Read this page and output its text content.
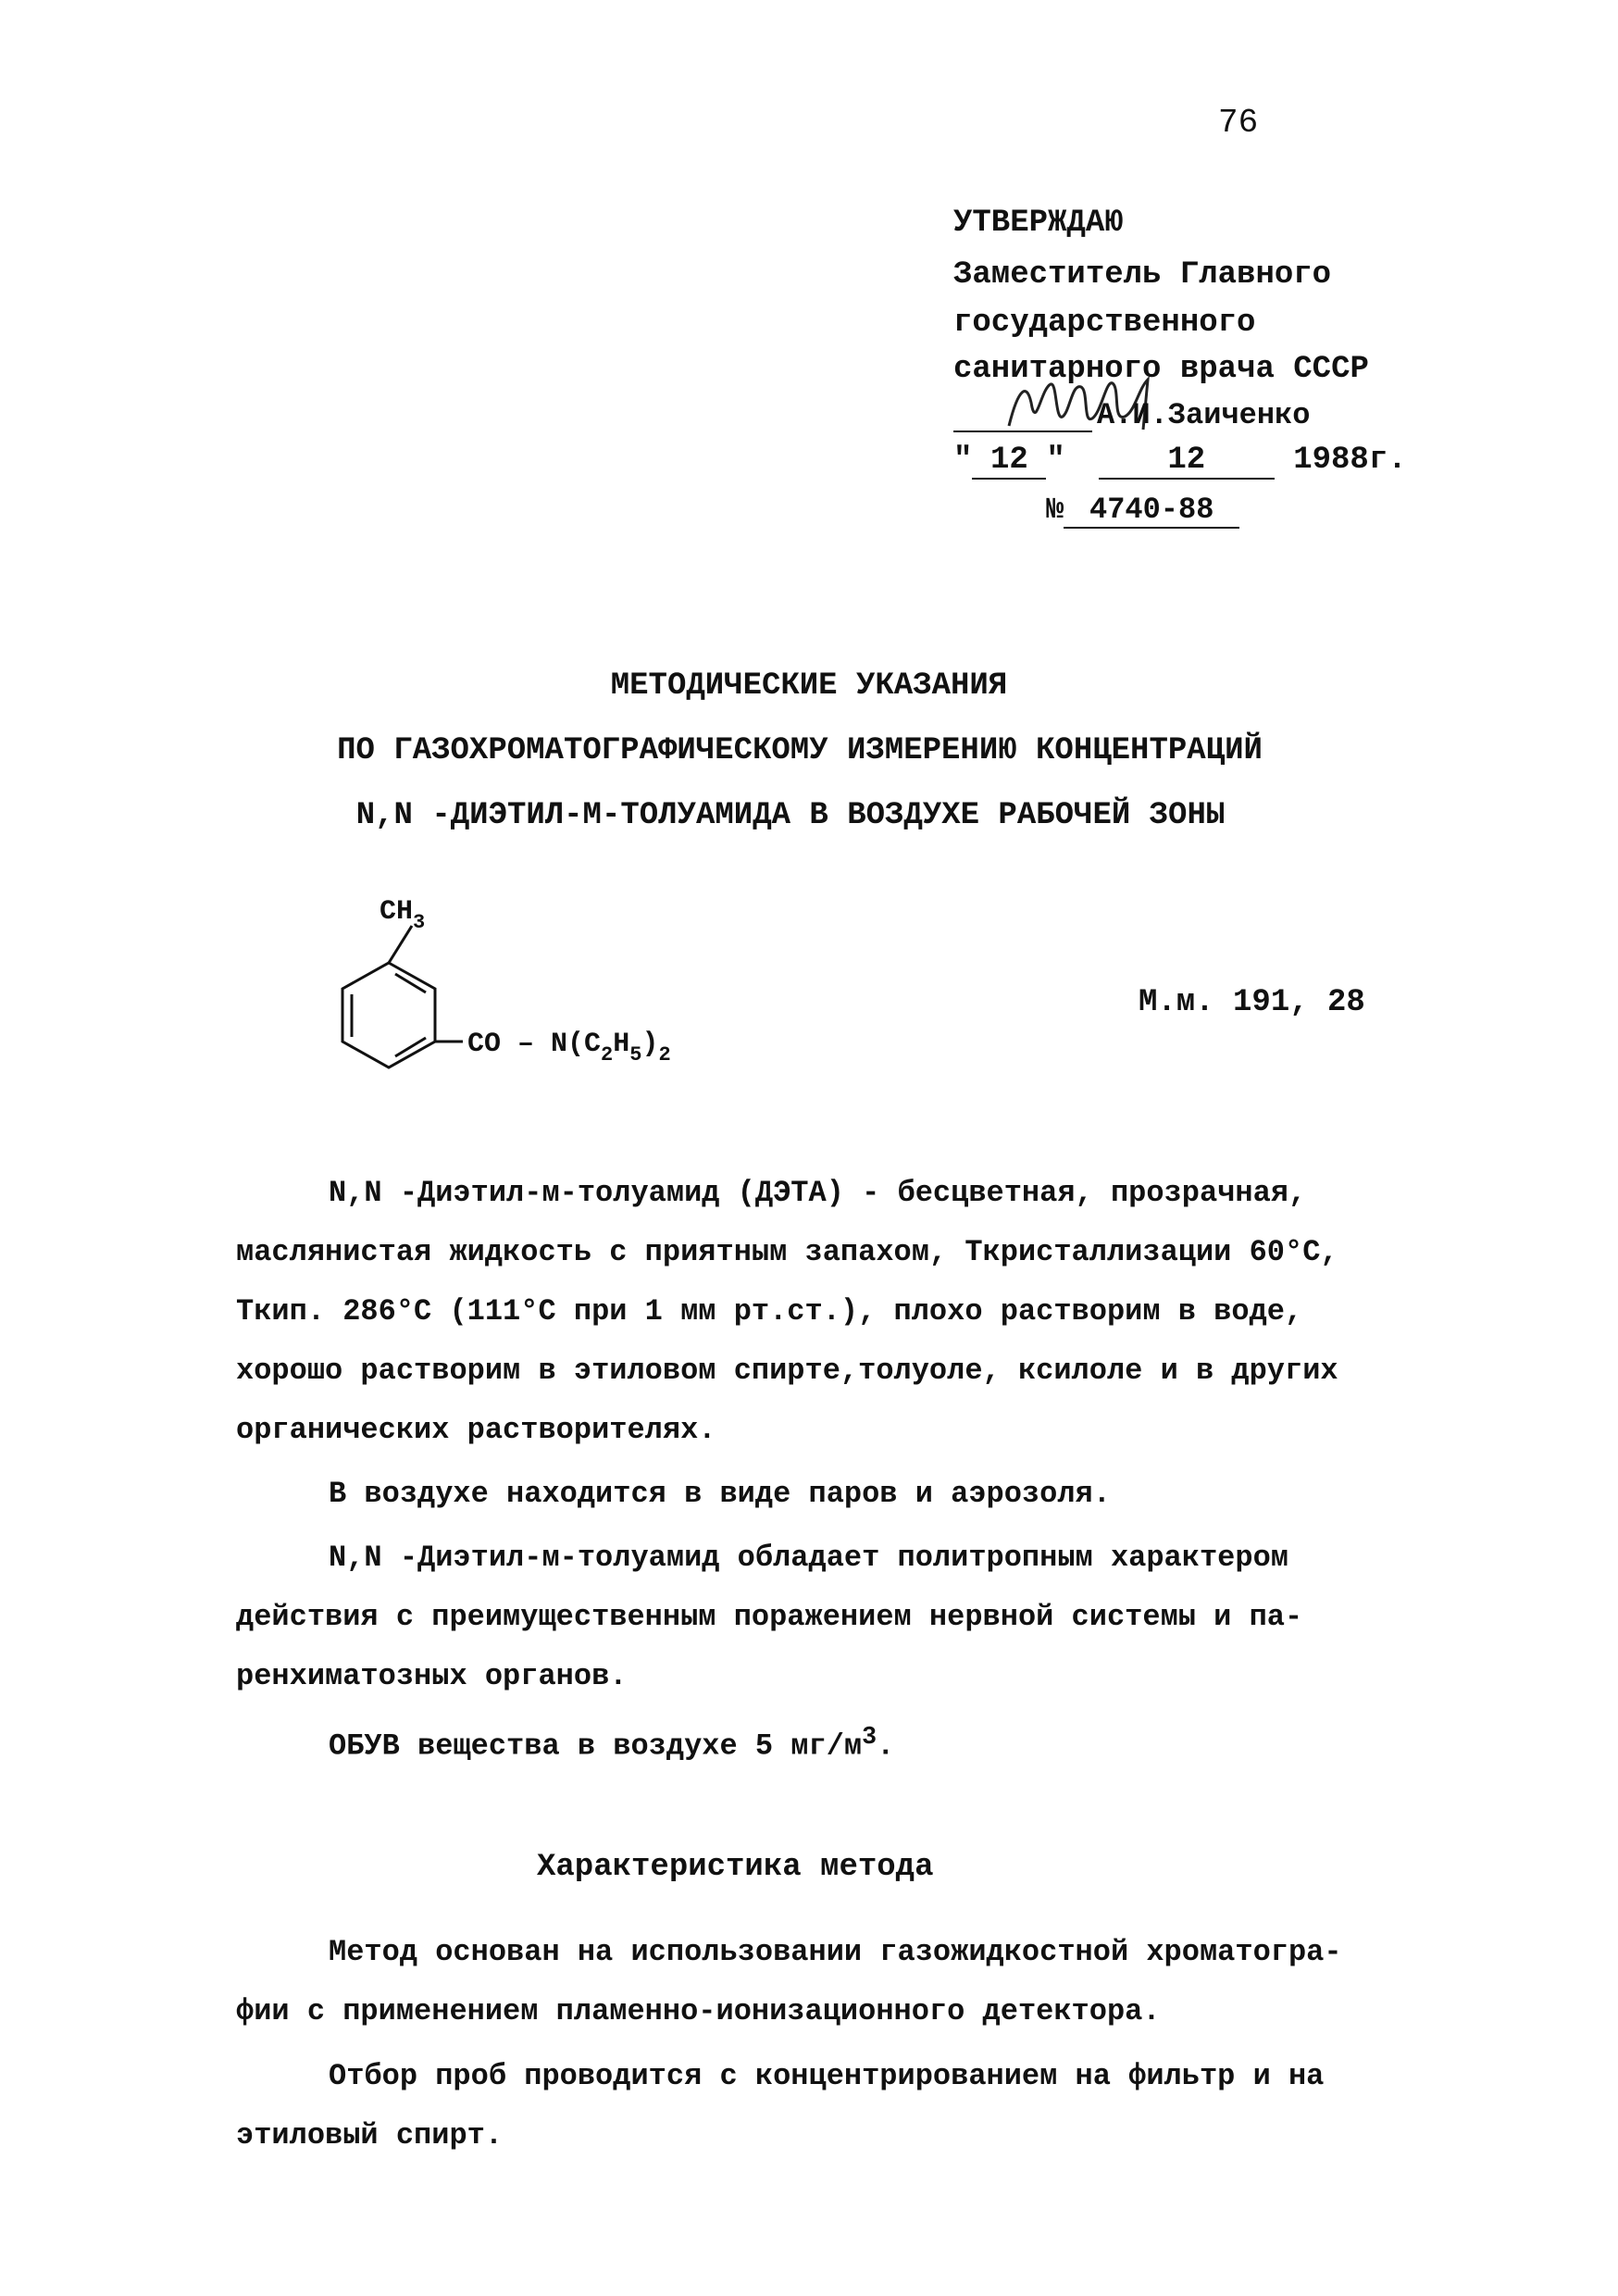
76
УТВЕРЖДАЮ
Заместитель Главного
государственного
санитарного врача СССР
А.И.Заиченко
" 12 "	12	1988г.
№ 4740-88
МЕТОДИЧЕСКИЕ УКАЗАНИЯ
ПО ГАЗОХРОМАТОГРАФИЧЕСКОМУ ИЗМЕРЕНИЮ КОНЦЕНТРАЦИЙ
N,N -ДИЭТИЛ-М-ТОЛУАМИДА В ВОЗДУХЕ РАБОЧЕЙ ЗОНЫ
$CH_3$
CO – $N(C_2H_5)_2$
М.м. 191, 28
N,N -Диэтил-м-толуамид (ДЭТА) - бесцветная, прозрачная,
маслянистая жидкость с приятным запахом, Ткристаллизации 60°С,
Ткип. 286°С (111°С при 1 мм рт.ст.), плохо растворим в воде,
хорошо растворим в этиловом спирте,толуоле, ксилоле и в других
органических растворителях.
В воздухе находится в виде паров и аэрозоля.
N,N -Диэтил-м-толуамид обладает политропным характером
действия с преимущественным поражением нервной системы и па-
ренхиматозных органов.
ОБУВ вещества в воздухе 5 $мг/м^3$.
Характеристика метода
Метод основан на использовании газожидкостной хроматогра-
фии с применением пламенно-ионизационного детектора.
Отбор проб проводится с концентрированием на фильтр и на
этиловый спирт.
